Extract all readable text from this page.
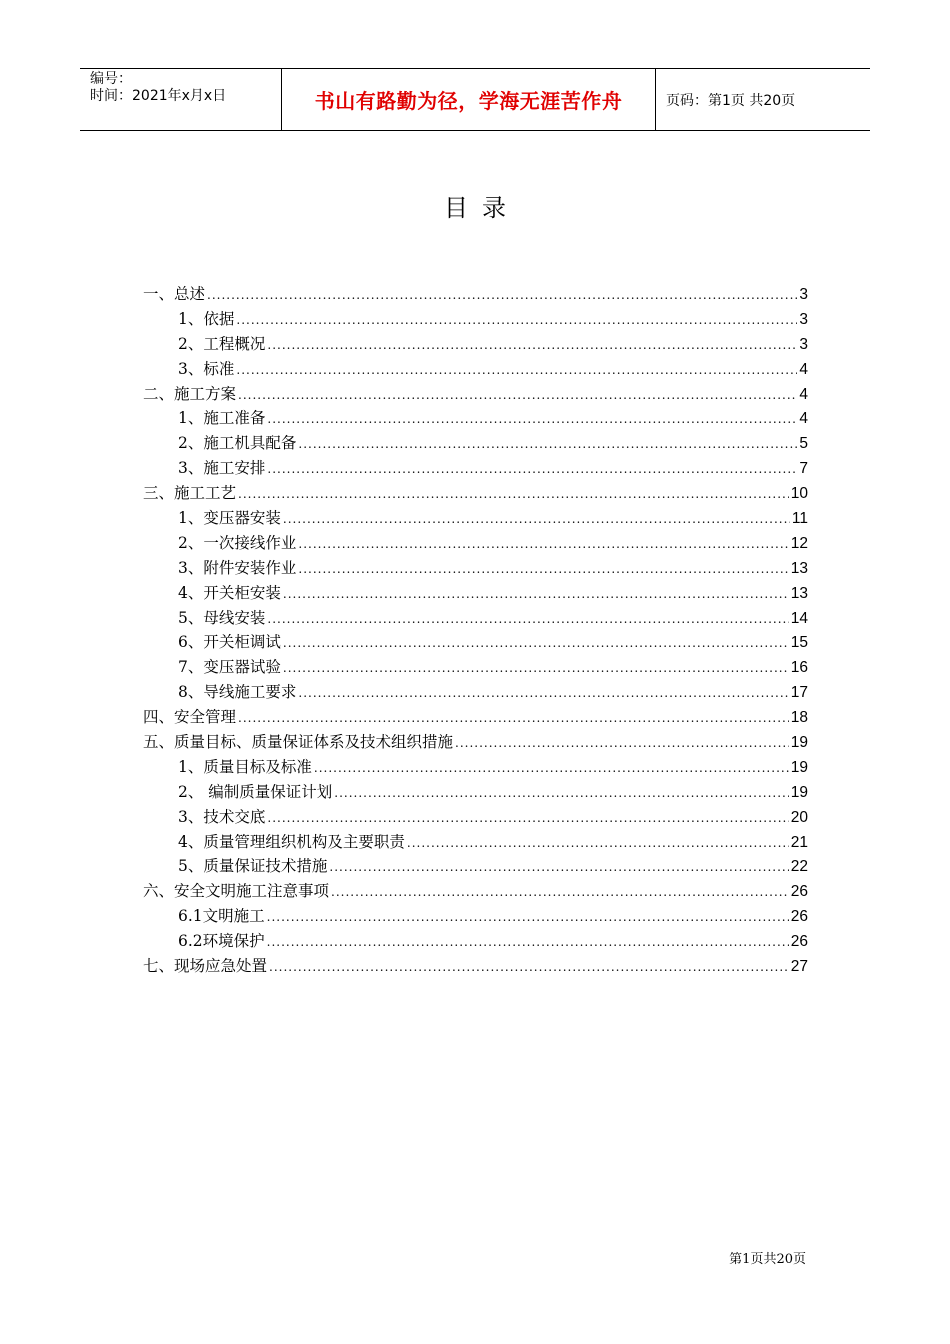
编号：
时间：2021年x月x日	书山有路勤为径，学海无涯苦作舟	页码：第1页 共20页
目录
一、总述 .....	3
1、依据 .....	3
2、工程概况 .....	3
3、标准 .....	4
二、施工方案 .....	4
1、施工准备 .....	4
2、施工机具配备 .....	5
3、施工安排 .....	7
三、施工工艺 .....	10
1、变压器安装 .....	11
2、一次接线作业 .....	12
3、附件安装作业 .....	13
4、开关柜安装 .....	13
5、母线安装 .....	14
6、开关柜调试 .....	15
7、变压器试验 .....	16
8、导线施工要求 .....	17
四、安全管理 .....	18
五、质量目标、质量保证体系及技术组织措施 .....	19
1、质量目标及标准 .....	19
2、 编制质量保证计划 .....	19
3、技术交底 .....	20
4、质量管理组织机构及主要职责 .....	21
5、质量保证技术措施 .....	22
六、安全文明施工注意事项 .....	26
6.1文明施工 .....	26
6.2环境保护 .....	26
七、现场应急处置 .....	27
第1页共20页
